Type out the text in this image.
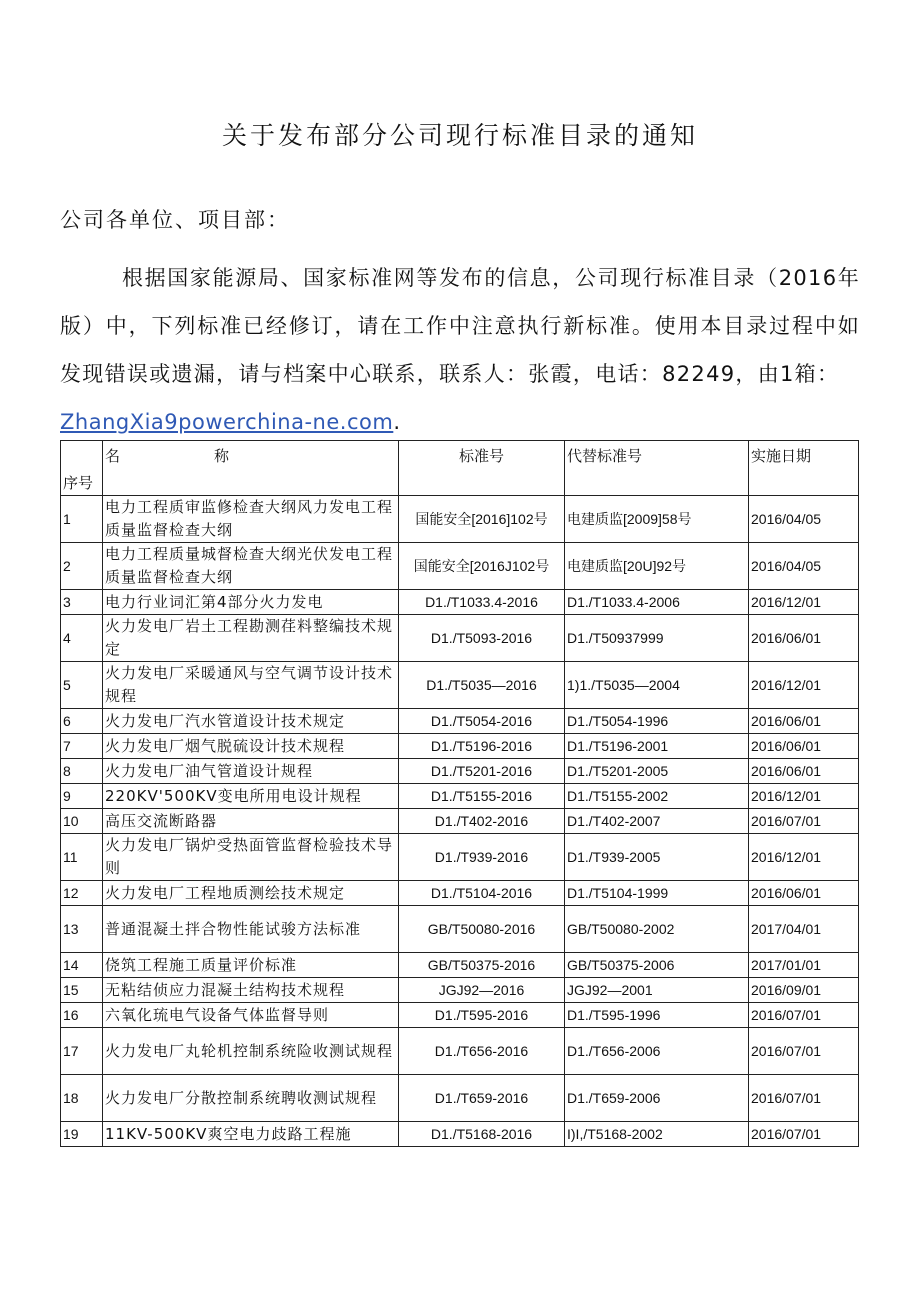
关于发布部分公司现行标准目录的通知
公司各单位、项目部：
根据国家能源局、国家标准网等发布的信息，公司现行标准目录（2016年版）中，下列标准已经修订，请在工作中注意执行新标准。使用本目录过程中如发现错误或遗漏，请与档案中心联系，联系人：张霞，电话：82249，由1箱：
ZhangXia9powerchina-ne.com.
序号	名 称	标准号	代替标准号	实施日期
1	电力工程质审监修检查大纲风力发电工程质量监督检查大纲	国能安全[2016]102号	电建质监[2009]58号	2016/04/05
2	电力工程质量城督检查大纲光伏发电工程质量监督检查大纲	国能安全[2016J102号	电建质监[20U]92号	2016/04/05
3	电力行业词汇第4部分火力发电	D1./T1033.4-2016	D1./T1033.4-2006	2016/12/01
4	火力发电厂岩土工程勘测荏料整编技术规定	D1./T5093-2016	D1./T50937999	2016/06/01
5	火力发电厂采暖通风与空气调节设计技术规程	D1./T5035—2016	1)1./T5035—2004	2016/12/01
6	火力发电厂汽水管道设计技术规定	D1./T5054-2016	D1./T5054-1996	2016/06/01
7	火力发电厂烟气脱硫设计技术规程	D1./T5196-2016	D1./T5196-2001	2016/06/01
8	火力发电厂油气管道设计规程	D1./T5201-2016	D1./T5201-2005	2016/06/01
9	220KV'500KV变电所用电设计规程	D1./T5155-2016	D1./T5155-2002	2016/12/01
10	高压交流断路器	D1./T402-2016	D1./T402-2007	2016/07/01
11	火力发电厂锅炉受热面管监督检验技术导则	D1./T939-2016	D1./T939-2005	2016/12/01
12	火力发电厂工程地质测绘技术规定	D1./T5104-2016	D1./T5104-1999	2016/06/01
13	普通混凝土拌合物性能试骏方法标准	GB/T50080-2016	GB/T50080-2002	2017/04/01
14	侥筑工程施工质量评价标准	GB/T50375-2016	GB/T50375-2006	2017/01/01
15	无粘结侦应力混凝土结构技术规程	JGJ92—2016	JGJ92—2001	2016/09/01
16	六氧化琉电气设备气体监督导则	D1./T595-2016	D1./T595-1996	2016/07/01
17	火力发电厂丸轮机控制系统险收测试规程	D1./T656-2016	D1./T656-2006	2016/07/01
18	火力发电厂分散控制系统聘收测试规程	D1./T659-2016	D1./T659-2006	2016/07/01
19	11KV-500KV爽空电力歧路工程施	D1./T5168-2016	I)I,/T5168-2002	2016/07/01
